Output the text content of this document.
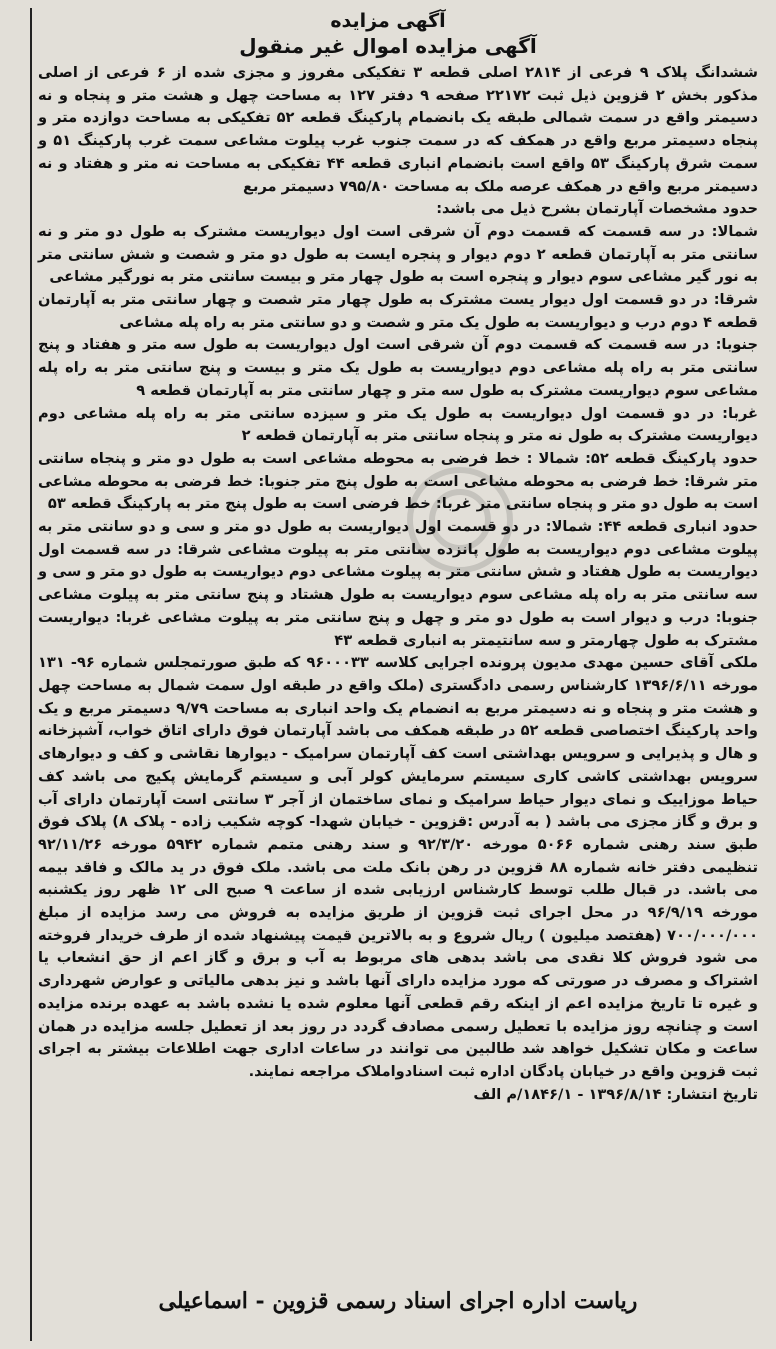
آگهی مزایده
آگهی مزایده اموال غیر منقول

ششدانگ پلاک ۹ فرعی از ۲۸۱۴ اصلی قطعه ۳ تفکیکی مفروز و مجزی شده از ۶ فرعی از اصلی مذکور بخش ۲ قزوین ذیل ثبت ۲۲۱۷۲ صفحه ۹ دفتر ۱۲۷ به مساحت چهل و هشت متر و پنجاه و نه دسیمتر واقع در سمت شمالی طبقه یک بانضمام پارکینگ قطعه ۵۲ تفکیکی به مساحت دوازده متر و پنجاه دسیمتر مربع واقع در همکف که در سمت جنوب غرب پیلوت مشاعی سمت غرب پارکینگ ۵۱ و سمت شرق پارکینگ ۵۳ واقع است بانضمام انباری قطعه ۴۴ تفکیکی به مساحت نه متر و هفتاد و نه دسیمتر مربع واقع در همکف عرصه ملک به مساحت ۷۹۵/۸۰ دسیمتر مربع

حدود مشخصات آپارتمان بشرح ذیل می باشد:

شمالا: در سه قسمت که قسمت دوم آن شرقی است اول دیواریست مشترک به طول دو متر و نه سانتی متر به آپارتمان قطعه ۲ دوم دیوار و پنجره ایست به طول دو متر و شصت و شش سانتی متر به نور گیر مشاعی سوم دیوار و پنجره است به طول چهار متر و بیست سانتی متر به نورگیر مشاعی

شرقا: در دو قسمت اول دیوار یست مشترک به طول چهار متر شصت و چهار سانتی متر به آپارتمان قطعه ۴ دوم درب و دیواریست به طول یک متر و شصت و دو سانتی متر به راه پله مشاعی

جنوبا: در سه قسمت که قسمت دوم آن شرقی است اول دیواریست به طول سه متر و هفتاد و پنج سانتی متر به راه پله مشاعی دوم دیواریست به طول یک متر و بیست و پنج سانتی متر به راه پله مشاعی سوم دیواریست مشترک به طول سه متر و چهار سانتی متر به آپارتمان قطعه ۹

غربا: در دو قسمت اول دیواریست به طول یک متر و سیزده سانتی متر به راه پله مشاعی دوم دیواریست مشترک به طول نه متر و پنجاه سانتی متر به آپارتمان قطعه ۲

حدود پارکینگ قطعه ۵۲: شمالا : خط فرضی به محوطه مشاعی است به طول دو متر و پنجاه سانتی متر شرقا: خط فرضی به محوطه مشاعی است به طول پنج متر جنوبا: خط فرضی به محوطه مشاعی است به طول دو متر و پنجاه سانتی متر غربا: خط فرضی است به طول پنج متر به پارکینگ قطعه ۵۳

حدود انباری قطعه ۴۴: شمالا: در دو قسمت اول دیواریست به طول دو متر و سی و دو سانتی متر به پیلوت مشاعی دوم دیواریست به طول پانزده سانتی متر به پیلوت مشاعی شرقا: در سه قسمت اول دیواریست به طول هفتاد و شش سانتی متر به پیلوت مشاعی دوم دیواریست به طول دو متر و سی و سه سانتی متر به راه پله مشاعی سوم دیواریست به طول هشتاد و پنج سانتی متر به پیلوت مشاعی جنوبا: درب و دیوار است به طول دو متر و چهل و پنج سانتی متر به پیلوت مشاعی غربا: دیواریست مشترک به طول چهارمتر و سه سانتیمتر به انباری قطعه ۴۳

ملکی آقای حسین مهدی مدیون پرونده اجرایی کلاسه ۹۶۰۰۰۳۳ که طبق صورتمجلس شماره ۹۶- ۱۳۱ مورخه ۱۳۹۶/۶/۱۱ کارشناس رسمی دادگستری (ملک واقع در طبقه اول سمت شمال به مساحت چهل و هشت متر و پنجاه و نه دسیمتر مربع به انضمام یک واحد انباری به مساحت ۹/۷۹ دسیمتر مربع و یک واحد پارکینگ اختصاصی قطعه ۵۲ در طبقه همکف می باشد آپارتمان فوق دارای اتاق خواب، آشپزخانه و هال و پذیرایی و سرویس بهداشتی است کف آپارتمان سرامیک - دیوارها نقاشی و کف و دیوارهای سرویس بهداشتی کاشی کاری سیستم سرمایش کولر آبی و سیستم گرمایش پکیج می باشد کف حیاط موزاییک و نمای دیوار حیاط سرامیک و نمای ساختمان از آجر ۳ سانتی است آپارتمان دارای آب و برق و گاز مجزی می باشد ( به آدرس :قزوین - خیابان شهدا- کوچه شکیب زاده - پلاک ۸) پلاک فوق طبق سند رهنی شماره ۵۰۶۶ مورخه ۹۲/۳/۲۰ و سند رهنی متمم شماره ۵۹۴۲ مورخه ۹۲/۱۱/۲۶ تنظیمی دفتر خانه شماره ۸۸ قزوین در رهن بانک ملت می باشد. ملک فوق در ید مالک و فاقد بیمه می باشد. در قبال طلب توسط کارشناس ارزیابی شده از ساعت ۹ صبح الی ۱۲ ظهر روز یکشنبه مورخه ۹۶/۹/۱۹ در محل اجرای ثبت قزوین از طریق مزایده به فروش می رسد مزایده از مبلغ ۷۰۰/۰۰۰/۰۰۰ (هفتصد میلیون ) ریال شروع و به بالاترین قیمت پیشنهاد شده از طرف خریدار فروخته می شود فروش کلا نقدی می باشد بدهی های مربوط به آب و برق و گاز اعم از حق انشعاب یا اشتراک و مصرف در صورتی که مورد مزایده دارای آنها باشد و نیز بدهی مالیاتی و عوارض شهرداری و غیره تا تاریخ مزایده اعم از اینکه رقم قطعی آنها معلوم شده یا نشده باشد به عهده برنده مزایده است و چنانچه روز مزایده با تعطیل رسمی مصادف گردد در روز بعد از تعطیل جلسه مزایده در همان ساعت و مکان تشکیل خواهد شد طالبین می توانند در ساعات اداری جهت اطلاعات بیشتر به اجرای ثبت قزوین واقع در خیابان پادگان اداره ثبت اسنادواملاک مراجعه نمایند.

تاریخ انتشار: ۱۳۹۶/۸/۱۴ - ۱۸۴۶/۱/م الف

ریاست اداره اجرای اسناد رسمی قزوین - اسماعیلی
